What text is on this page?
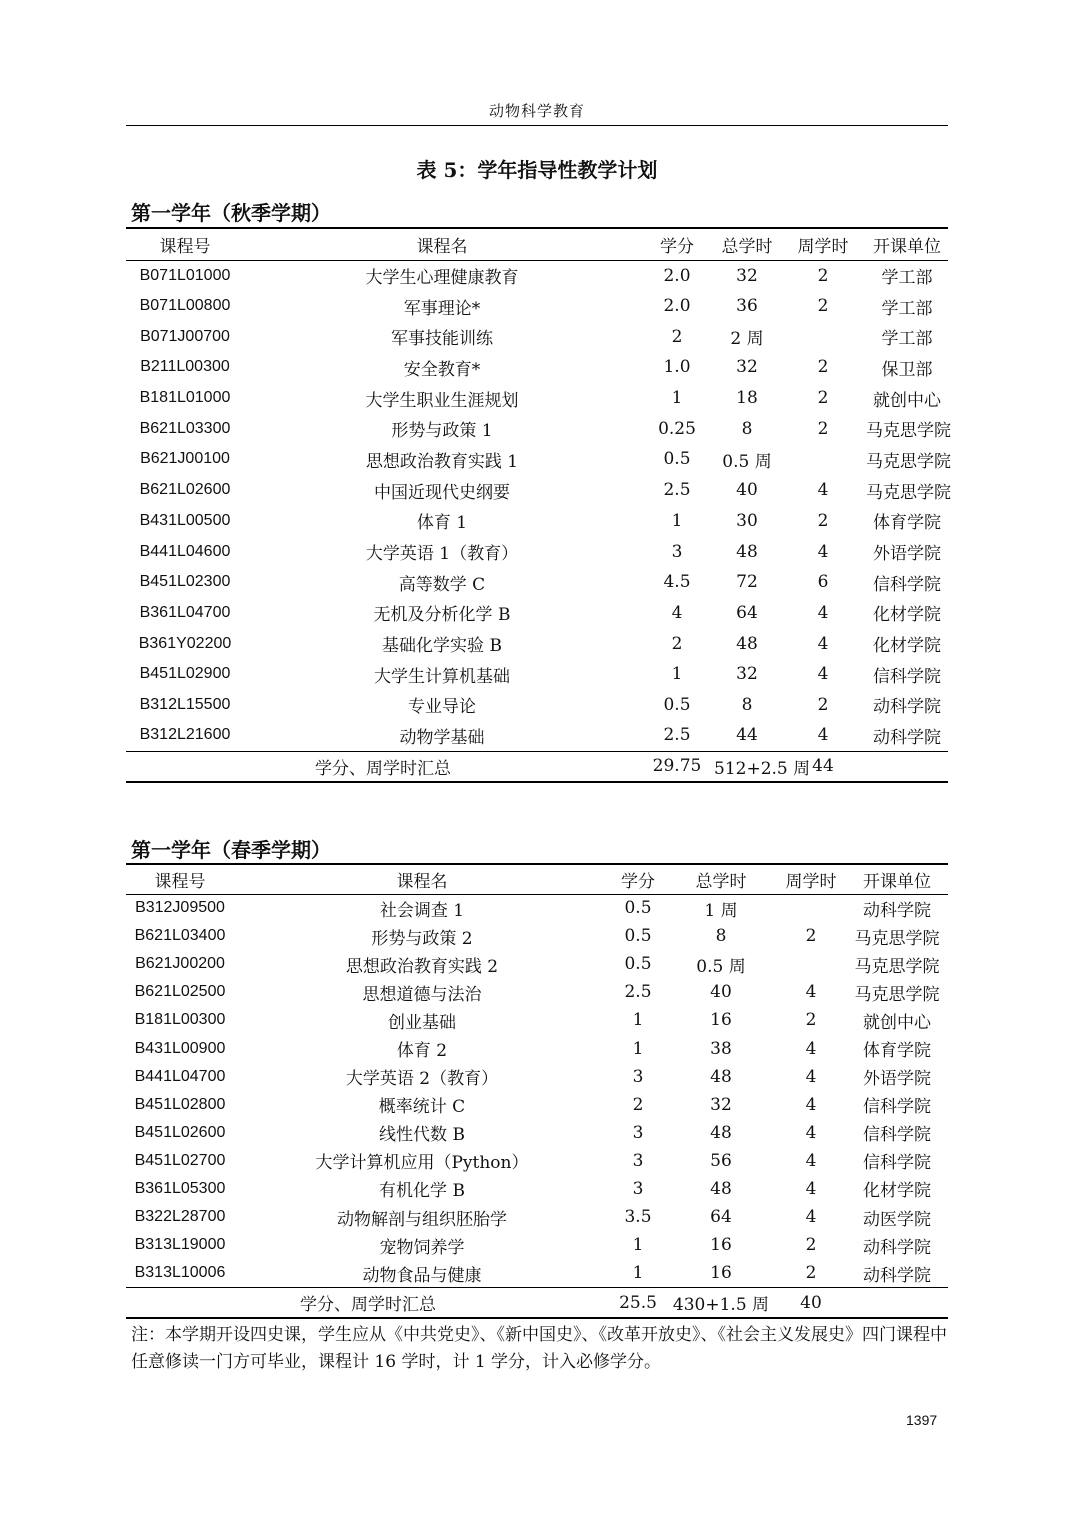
动物科学教育
表 5：学年指导性教学计划
第一学年（秋季学期）
课程号	课程名	学分	总学时	周学时	开课单位
B071L01000	大学生心理健康教育	2.0	32	2	学工部
B071L00800	军事理论*	2.0	36	2	学工部
B071J00700	军事技能训练	2	2 周		学工部
B211L00300	安全教育*	1.0	32	2	保卫部
B181L01000	大学生职业生涯规划	1	18	2	就创中心
B621L03300	形势与政策 1	0.25	8	2	马克思学院
B621J00100	思想政治教育实践 1	0.5	0.5 周		马克思学院
B621L02600	中国近现代史纲要	2.5	40	4	马克思学院
B431L00500	体育 1	1	30	2	体育学院
B441L04600	大学英语 1（教育）	3	48	4	外语学院
B451L02300	高等数学 C	4.5	72	6	信科学院
B361L04700	无机及分析化学 B	4	64	4	化材学院
B361Y02200	基础化学实验 B	2	48	4	化材学院
B451L02900	大学生计算机基础	1	32	4	信科学院
B312L15500	专业导论	0.5	8	2	动科学院
B312L21600	动物学基础	2.5	44	4	动科学院
学分、周学时汇总		29.75	512+2.5 周	44	
第一学年（春季学期）
课程号	课程名	学分	总学时	周学时	开课单位
B312J09500	社会调查 1	0.5	1 周		动科学院
B621L03400	形势与政策 2	0.5	8	2	马克思学院
B621J00200	思想政治教育实践 2	0.5	0.5 周		马克思学院
B621L02500	思想道德与法治	2.5	40	4	马克思学院
B181L00300	创业基础	1	16	2	就创中心
B431L00900	体育 2	1	38	4	体育学院
B441L04700	大学英语 2（教育）	3	48	4	外语学院
B451L02800	概率统计 C	2	32	4	信科学院
B451L02600	线性代数 B	3	48	4	信科学院
B451L02700	大学计算机应用（Python）	3	56	4	信科学院
B361L05300	有机化学 B	3	48	4	化材学院
B322L28700	动物解剖与组织胚胎学	3.5	64	4	动医学院
B313L19000	宠物饲养学	1	16	2	动科学院
B313L10006	动物食品与健康	1	16	2	动科学院
学分、周学时汇总		25.5	430+1.5 周	40	
注：本学期开设四史课，学生应从《中共党史》、《新中国史》、《改革开放史》、《社会主义发展史》四门课程中任意修读一门方可毕业，课程计 16 学时，计 1 学分，计入必修学分。
1397
